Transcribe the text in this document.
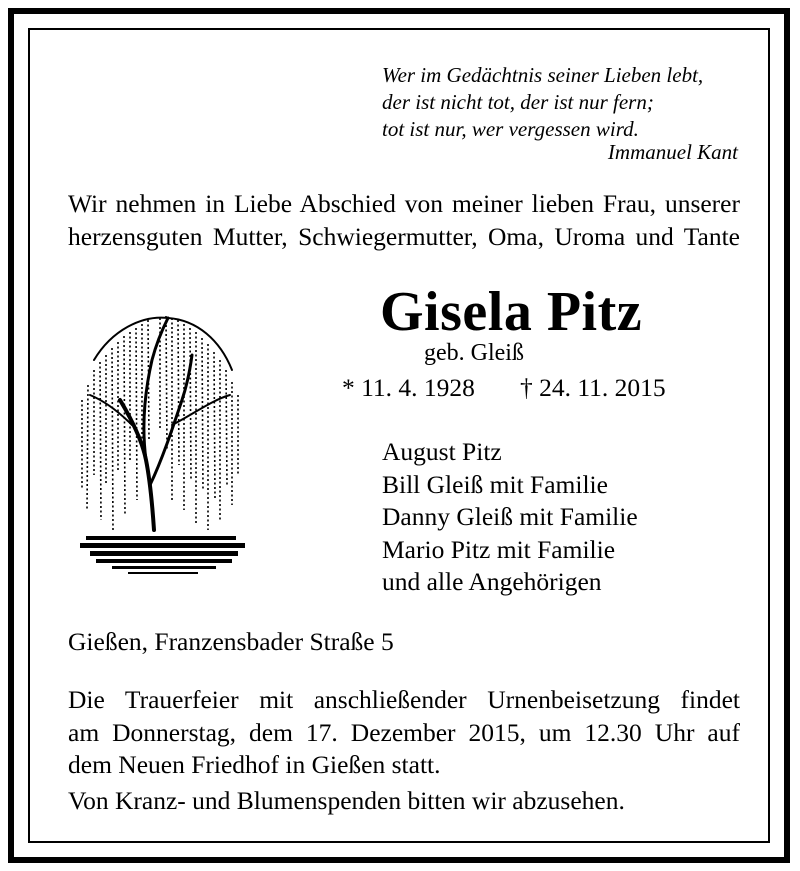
Wer im Gedächtnis seiner Lieben lebt,
der ist nicht tot, der ist nur fern;
tot ist nur, wer vergessen wird.
Immanuel Kant
Wir nehmen in Liebe Abschied von meiner lieben Frau, unserer
herzensguten Mutter, Schwiegermutter, Oma, Uroma und Tante
Gisela Pitz
geb. Gleiß
* 11. 4. 1928 † 24. 11. 2015
August Pitz
Bill Gleiß mit Familie
Danny Gleiß mit Familie
Mario Pitz mit Familie
und alle Angehörigen
Gießen, Franzensbader Straße 5
Die Trauerfeier mit anschließender Urnenbeisetzung findet
am Donnerstag, dem 17. Dezember 2015, um 12.30 Uhr auf
dem Neuen Friedhof in Gießen statt.
Von Kranz- und Blumenspenden bitten wir abzusehen.
